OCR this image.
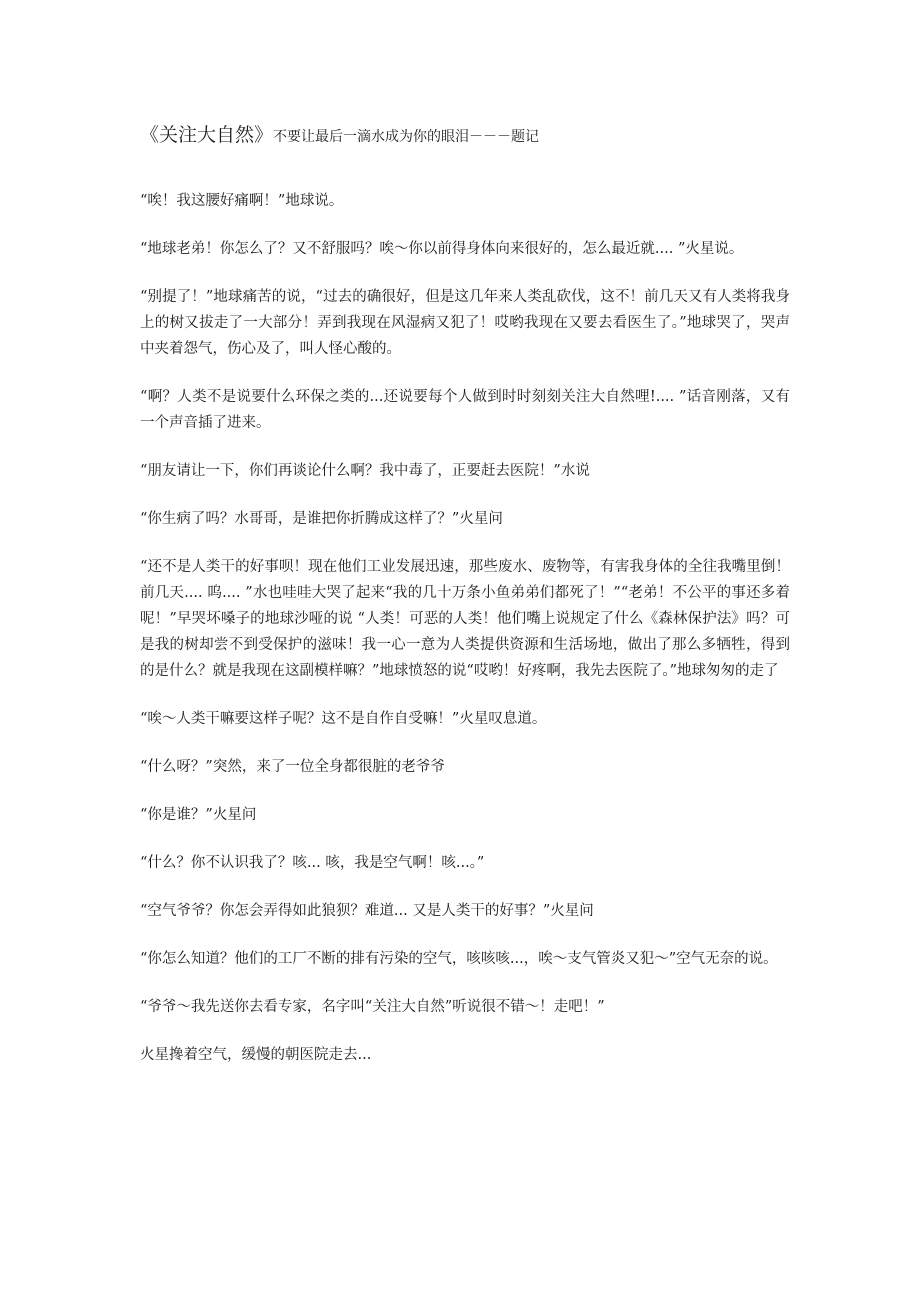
《关注大自然》不要让最后一滴水成为你的眼泪－－－题记

“唉！我这腰好痛啊！”地球说。

“地球老弟！你怎么了？又不舒服吗？唉～你以前得身体向来很好的，怎么最近就.... ”火星说。

“别提了！”地球痛苦的说，“过去的确很好，但是这几年来人类乱砍伐，这不！前几天又有人类将我身上的树又拔走了一大部分！弄到我现在风湿病又犯了！哎哟我现在又要去看医生了。”地球哭了，哭声中夹着怨气，伤心及了，叫人怪心酸的。

“啊？人类不是说要什么环保之类的...还说要每个人做到时时刻刻关注大自然哩!.... ”话音刚落，又有一个声音插了进来。

“朋友请让一下，你们再谈论什么啊？我中毒了，正要赶去医院！”水说

“你生病了吗？水哥哥，是谁把你折腾成这样了？”火星问

“还不是人类干的好事呗！现在他们工业发展迅速，那些废水、废物等，有害我身体的全往我嘴里倒！前几天.... 呜.... ”水也哇哇大哭了起来“我的几十万条小鱼弟弟们都死了！”“老弟！不公平的事还多着呢！”早哭坏嗓子的地球沙哑的说 “人类！可恶的人类！他们嘴上说规定了什么《森林保护法》吗？可是我的树却尝不到受保护的滋味！我一心一意为人类提供资源和生活场地，做出了那么多牺牲，得到的是什么？就是我现在这副模样嘛？”地球愤怒的说“哎哟！好疼啊，我先去医院了。”地球匆匆的走了

“唉～人类干嘛要这样子呢？这不是自作自受嘛！”火星叹息道。

“什么呀？”突然，来了一位全身都很脏的老爷爷

“你是谁？”火星问

“什么？你不认识我了？咳... 咳，我是空气啊！咳...。”

“空气爷爷？你怎会弄得如此狼狈？难道... 又是人类干的好事？”火星问

“你怎么知道？他们的工厂不断的排有污染的空气，咳咳咳...，唉～支气管炎又犯～”空气无奈的说。

“爷爷～我先送你去看专家，名字叫“关注大自然”听说很不错～！走吧！”

火星搀着空气，缓慢的朝医院走去...
